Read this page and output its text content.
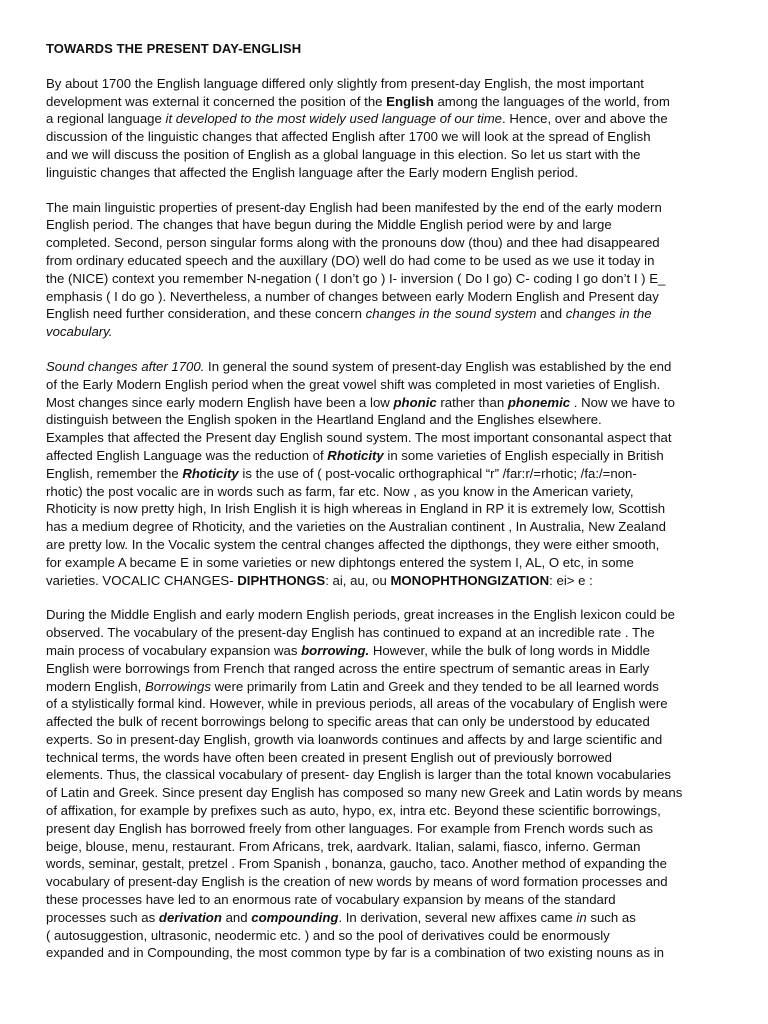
TOWARDS THE PRESENT DAY-ENGLISH
By about 1700 the English language differed only slightly from present-day English, the most important
development was external it concerned the position of the English among the languages of the world, from
a regional language it developed to the most widely used language of our time. Hence, over and above the
discussion of the linguistic changes that affected English after 1700 we will look at the spread of English
and we will discuss the position of English as a global language in this election. So let us start with the
linguistic changes that affected the English language after the Early modern English period.
The main linguistic properties of present-day English had been manifested by the end of the early modern
English period. The changes that have begun during the Middle English period were by and large
completed. Second, person singular forms along with the pronouns dow (thou) and thee had disappeared
from ordinary educated speech and the auxillary (DO) well do had come to be used as we use it today in
the (NICE) context you remember N-negation ( I don’t go ) I- inversion ( Do I go) C- coding I go don’t I ) E_
emphasis ( I do go ). Nevertheless, a number of changes between early Modern English and Present day
English need further consideration, and these concern changes in the sound system and changes in the
vocabulary.
Sound changes after 1700. In general the sound system of present-day English was established by the end
of the Early Modern English period when the great vowel shift was completed in most varieties of English.
Most changes since early modern English have been a low phonic rather than phonemic . Now we have to
distinguish between the English spoken in the Heartland England and the Englishes elsewhere.
Examples that affected the Present day English sound system. The most important consonantal aspect that
affected English Language was the reduction of Rhoticity in some varieties of English especially in British
English, remember the Rhoticity is the use of ( post-vocalic orthographical “r” /far:r/=rhotic; /fa:/=non-
rhotic) the post vocalic are in words such as farm, far etc. Now , as you know in the American variety,
Rhoticity is now pretty high, In Irish English it is high whereas in England in RP it is extremely low, Scottish
has a medium degree of Rhoticity, and the varieties on the Australian continent , In Australia, New Zealand
are pretty low. In the Vocalic system the central changes affected the dipthongs, they were either smooth,
for example A became E in some varieties or new diphtongs entered the system I, AL, O etc, in some
varieties. VOCALIC CHANGES- DIPHTHONGS: ai, au, ou MONOPHTHONGIZATION: ei> e :
During the Middle English and early modern English periods, great increases in the English lexicon could be
observed. The vocabulary of the present-day English has continued to expand at an incredible rate . The
main process of vocabulary expansion was borrowing. However, while the bulk of long words in Middle
English were borrowings from French that ranged across the entire spectrum of semantic areas in Early
modern English, Borrowings were primarily from Latin and Greek and they tended to be all learned words
of a stylistically formal kind. However, while in previous periods, all areas of the vocabulary of English were
affected the bulk of recent borrowings belong to specific areas that can only be understood by educated
experts. So in present-day English, growth via loanwords continues and affects by and large scientific and
technical terms, the words have often been created in present English out of previously borrowed
elements. Thus, the classical vocabulary of present- day English is larger than the total known vocabularies
of Latin and Greek. Since present day English has composed so many new Greek and Latin words by means
of affixation, for example by prefixes such as auto, hypo, ex, intra etc. Beyond these scientific borrowings,
present day English has borrowed freely from other languages. For example from French words such as
beige, blouse, menu, restaurant. From Africans, trek, aardvark. Italian, salami, fiasco, inferno. German
words, seminar, gestalt, pretzel . From Spanish , bonanza, gaucho, taco. Another method of expanding the
vocabulary of present-day English is the creation of new words by means of word formation processes and
these processes have led to an enormous rate of vocabulary expansion by means of the standard
processes such as derivation and compounding. In derivation, several new affixes came in such as
( autosuggestion, ultrasonic, neodermic etc. ) and so the pool of derivatives could be enormously
expanded and in Compounding, the most common type by far is a combination of two existing nouns as in
